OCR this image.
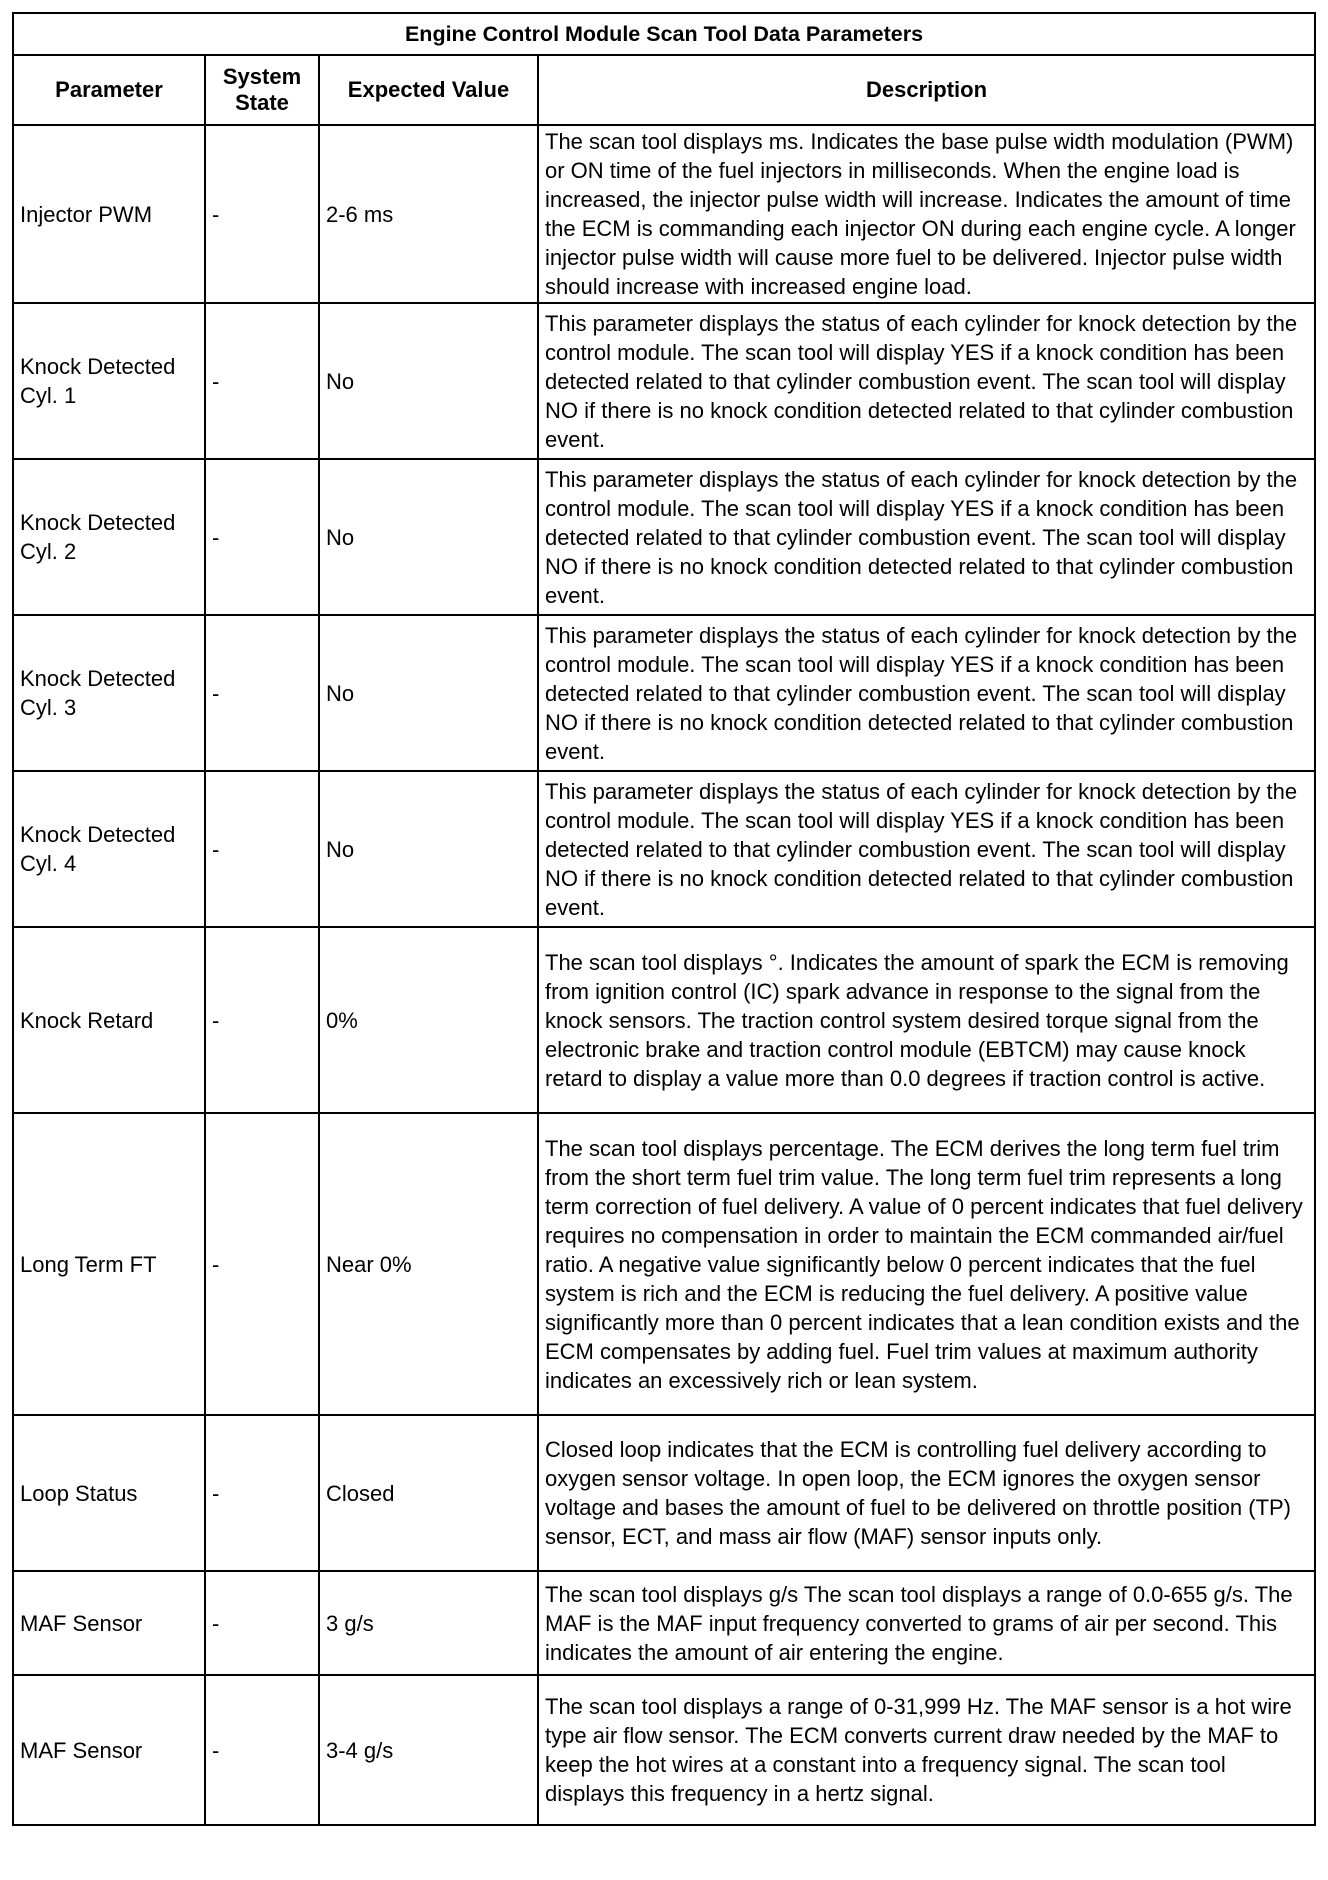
Engine Control Module Scan Tool Data Parameters			
Parameter	System State	Expected Value	Description
Injector PWM	-	2-6 ms	The scan tool displays ms. Indicates the base pulse width modulation (PWM) or ON time of the fuel injectors in milliseconds. When the engine load is increased, the injector pulse width will increase. Indicates the amount of time the ECM is commanding each injector ON during each engine cycle. A longer injector pulse width will cause more fuel to be delivered. Injector pulse width should increase with increased engine load.
Knock Detected Cyl. 1	-	No	This parameter displays the status of each cylinder for knock detection by the control module. The scan tool will display YES if a knock condition has been detected related to that cylinder combustion event. The scan tool will display NO if there is no knock condition detected related to that cylinder combustion event.
Knock Detected Cyl. 2	-	No	This parameter displays the status of each cylinder for knock detection by the control module. The scan tool will display YES if a knock condition has been detected related to that cylinder combustion event. The scan tool will display NO if there is no knock condition detected related to that cylinder combustion event.
Knock Detected Cyl. 3	-	No	This parameter displays the status of each cylinder for knock detection by the control module. The scan tool will display YES if a knock condition has been detected related to that cylinder combustion event. The scan tool will display NO if there is no knock condition detected related to that cylinder combustion event.
Knock Detected Cyl. 4	-	No	This parameter displays the status of each cylinder for knock detection by the control module. The scan tool will display YES if a knock condition has been detected related to that cylinder combustion event. The scan tool will display NO if there is no knock condition detected related to that cylinder combustion event.
Knock Retard	-	0%	The scan tool displays °. Indicates the amount of spark the ECM is removing from ignition control (IC) spark advance in response to the signal from the knock sensors. The traction control system desired torque signal from the electronic brake and traction control module (EBTCM) may cause knock retard to display a value more than 0.0 degrees if traction control is active.
Long Term FT	-	Near 0%	The scan tool displays percentage. The ECM derives the long term fuel trim from the short term fuel trim value. The long term fuel trim represents a long term correction of fuel delivery. A value of 0 percent indicates that fuel delivery requires no compensation in order to maintain the ECM commanded air/fuel ratio. A negative value significantly below 0 percent indicates that the fuel system is rich and the ECM is reducing the fuel delivery. A positive value significantly more than 0 percent indicates that a lean condition exists and the ECM compensates by adding fuel. Fuel trim values at maximum authority indicates an excessively rich or lean system.
Loop Status	-	Closed	Closed loop indicates that the ECM is controlling fuel delivery according to oxygen sensor voltage. In open loop, the ECM ignores the oxygen sensor voltage and bases the amount of fuel to be delivered on throttle position (TP) sensor, ECT, and mass air flow (MAF) sensor inputs only.
MAF Sensor	-	3 g/s	The scan tool displays g/s The scan tool displays a range of 0.0-655 g/s. The MAF is the MAF input frequency converted to grams of air per second. This indicates the amount of air entering the engine.
MAF Sensor	-	3-4 g/s	The scan tool displays a range of 0-31,999 Hz. The MAF sensor is a hot wire type air flow sensor. The ECM converts current draw needed by the MAF to keep the hot wires at a constant into a frequency signal. The scan tool displays this frequency in a hertz signal.
